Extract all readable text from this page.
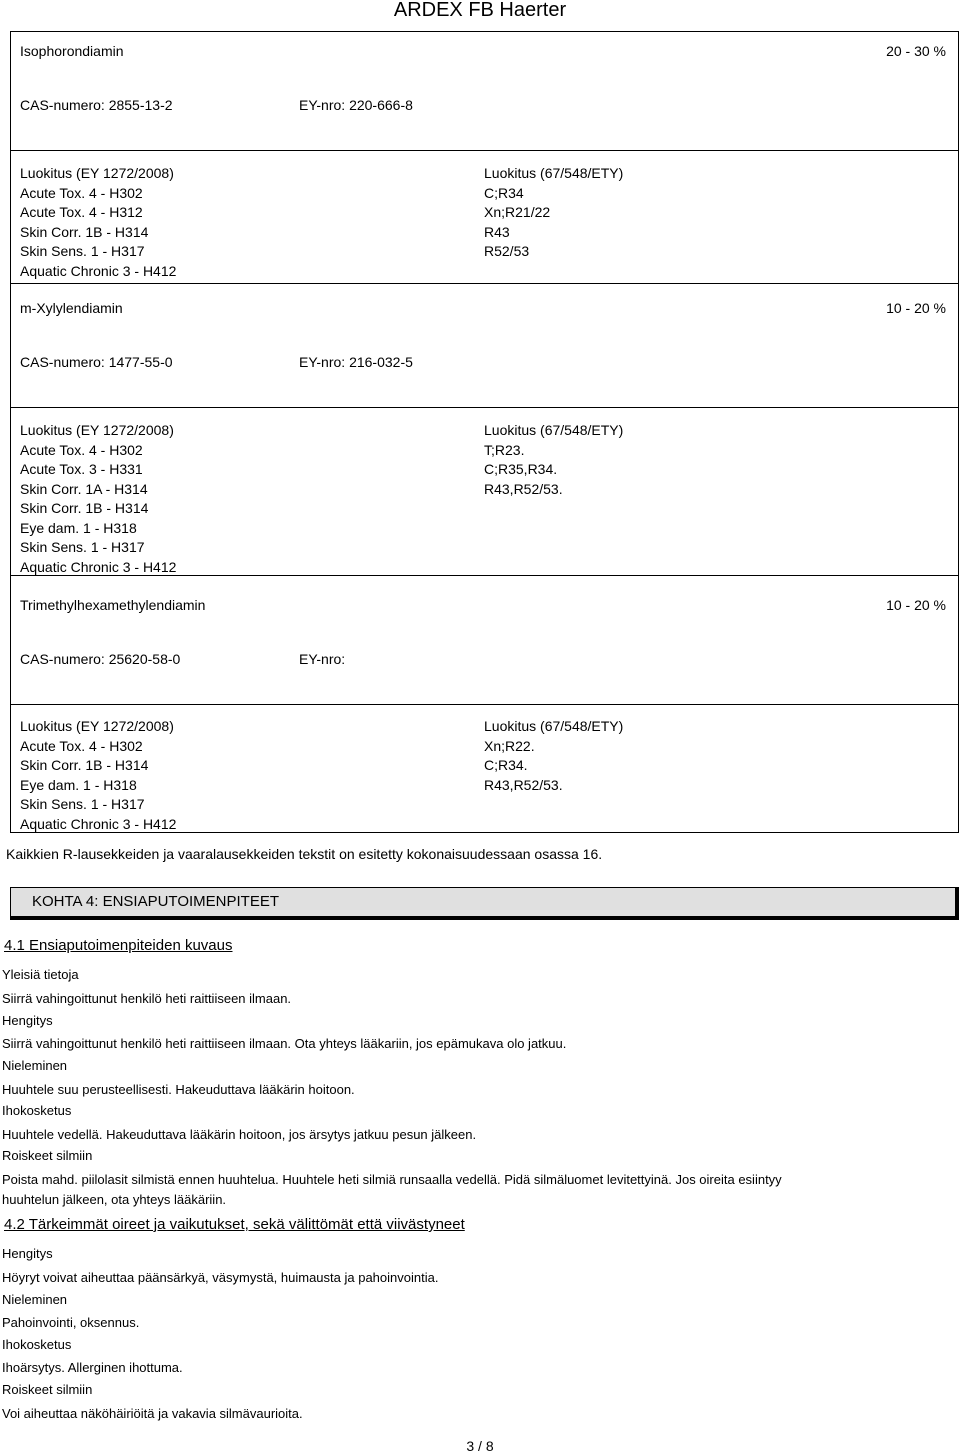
ARDEX FB Haerter
Isophorondiamin	20 - 30 %
CAS-numero: 2855-13-2	EY-nro: 220-666-8
Luokitus (EY 1272/2008)
Acute Tox. 4 - H302
Acute Tox. 4 - H312
Skin Corr. 1B - H314
Skin Sens. 1 - H317
Aquatic Chronic 3 - H412
Luokitus (67/548/ETY)
C;R34
Xn;R21/22
R43
R52/53
m-Xylylendiamin	10 - 20 %
CAS-numero: 1477-55-0	EY-nro: 216-032-5
Luokitus (EY 1272/2008)
Acute Tox. 4 - H302
Acute Tox. 3 - H331
Skin Corr. 1A - H314
Skin Corr. 1B - H314
Eye dam. 1 - H318
Skin Sens. 1 - H317
Aquatic Chronic 3 - H412
Luokitus (67/548/ETY)
T;R23.
C;R35,R34.
R43,R52/53.
Trimethylhexamethylendiamin	10 - 20 %
CAS-numero: 25620-58-0	EY-nro:
Luokitus (EY 1272/2008)
Acute Tox. 4 - H302
Skin Corr. 1B - H314
Eye dam. 1 - H318
Skin Sens. 1 - H317
Aquatic Chronic 3 - H412
Luokitus (67/548/ETY)
Xn;R22.
C;R34.
R43,R52/53.
Kaikkien R-lausekkeiden ja vaaralausekkeiden tekstit on esitetty kokonaisuudessaan osassa 16.
KOHTA 4: ENSIAPUTOIMENPITEET
4.1 Ensiaputoimenpiteiden kuvaus
Yleisiä tietoja
Siirrä vahingoittunut henkilö heti raittiiseen ilmaan.
Hengitys
Siirrä vahingoittunut henkilö heti raittiiseen ilmaan. Ota yhteys lääkariin, jos epämukava olo jatkuu.
Nieleminen
Huuhtele suu perusteellisesti. Hakeuduttava lääkärin hoitoon.
Ihokosketus
Huuhtele vedellä. Hakeuduttava lääkärin hoitoon, jos ärsytys jatkuu pesun jälkeen.
Roiskeet silmiin
Poista mahd. piilolasit silmistä ennen huuhtelua. Huuhtele heti silmiä runsaalla vedellä. Pidä silmäluomet levitettyinä. Jos oireita esiintyy
huuhtelun jälkeen, ota yhteys lääkäriin.
4.2 Tärkeimmät oireet ja vaikutukset, sekä välittömät että viivästyneet
Hengitys
Höyryt voivat aiheuttaa päänsärkyä, väsymystä, huimausta ja pahoinvointia.
Nieleminen
Pahoinvointi, oksennus.
Ihokosketus
Ihoärsytys. Allerginen ihottuma.
Roiskeet silmiin
Voi aiheuttaa näköhäiriöitä ja vakavia silmävaurioita.
3 / 8
